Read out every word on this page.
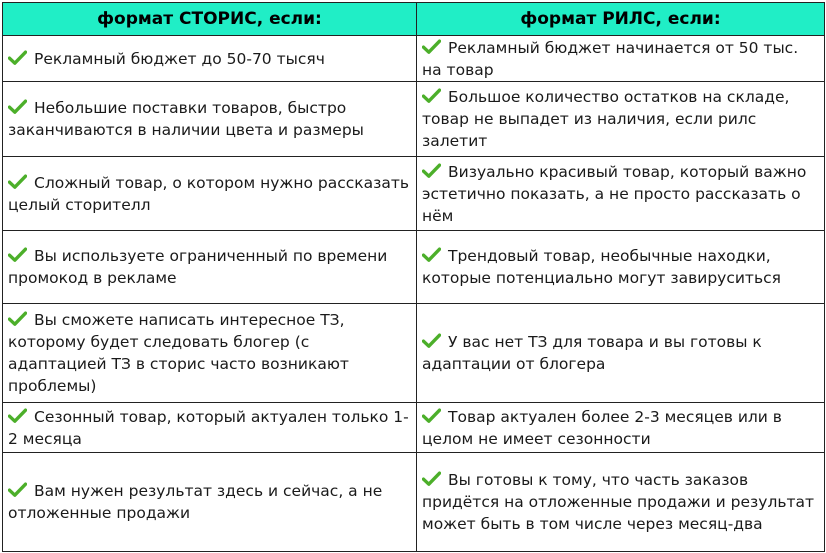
формат СТОРИС, если:	формат РИЛС, если:

Рекламный бюджет до 50-70 тысяч	Рекламный бюджет начинается от 50 тыс. на товар

Небольшие поставки товаров, быстро заканчиваются в наличии цвета и размеры	Большое количество остатков на складе, товар не выпадет из наличия, если рилс залетит

Сложный товар, о котором нужно рассказать целый сторителл	Визуально красивый товар, который важно эстетично показать, а не просто рассказать о нём

Вы используете ограниченный по времени промокод в рекламе	Трендовый товар, необычные находки, которые потенциально могут завируситься

Вы сможете написать интересное ТЗ, которому будет следовать блогер (с адаптацией ТЗ в сторис часто возникают проблемы)	У вас нет ТЗ для товара и вы готовы к адаптации от блогера

Сезонный товар, который актуален только 1-2 месяца	Товар актуален более 2-3 месяцев или в целом не имеет сезонности

Вам нужен результат здесь и сейчас, а не отложенные продажи	Вы готовы к тому, что часть заказов придётся на отложенные продажи и результат может быть в том числе через месяц-два
